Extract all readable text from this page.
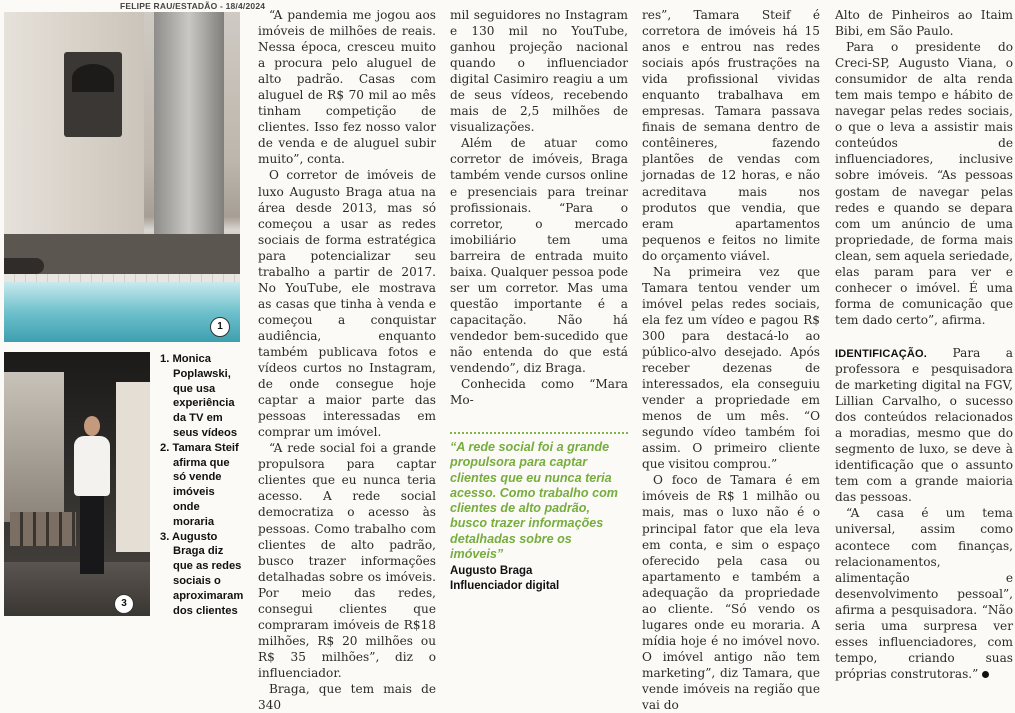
FELIPE RAU/ESTADÃO - 18/4/2024
1
3

1. Monica Poplawski, que usa experiência da TV em seus vídeos

2. Tamara Steif afirma que só vende imóveis onde moraria

3. Augusto Braga diz que as redes sociais o aproximaram dos clientes

“A pandemia me jogou aos imóveis de milhões de reais. Nessa época, cresceu muito a procura pelo aluguel de alto padrão. Casas com aluguel de R$ 70 mil ao mês tinham competição de clientes. Isso fez nosso valor de venda e de aluguel subir muito”, conta.

O corretor de imóveis de luxo Augusto Braga atua na área desde 2013, mas só começou a usar as redes sociais de forma estratégica para potencializar seu trabalho a partir de 2017. No YouTube, ele mostrava as casas que tinha à venda e começou a conquistar audiência, enquanto também publicava fotos e vídeos curtos no Instagram, de onde consegue hoje captar a maior parte das pessoas interessadas em comprar um imóvel.

“A rede social foi a grande propulsora para captar clientes que eu nunca teria acesso. A rede social democratiza o acesso às pessoas. Como trabalho com clientes de alto padrão, busco trazer informações detalhadas sobre os imóveis. Por meio das redes, consegui clientes que compraram imóveis de R$18 milhões, R$ 20 milhões ou R$ 35 milhões”, diz o influenciador.

Braga, que tem mais de 340

mil seguidores no Instagram e 130 mil no YouTube, ganhou projeção nacional quando o influenciador digital Casimiro reagiu a um de seus vídeos, recebendo mais de 2,5 milhões de visualizações.

Além de atuar como corretor de imóveis, Braga também vende cursos online e presenciais para treinar profissionais. “Para o corretor, o mercado imobiliário tem uma barreira de entrada muito baixa. Qualquer pessoa pode ser um corretor. Mas uma questão importante é a capacitação. Não há vendedor bem-sucedido que não entenda do que está vendendo”, diz Braga.

Conhecida como “Mara Mo-

“A rede social foi a grande propulsora para captar clientes que eu nunca teria acesso. Como trabalho com clientes de alto padrão, busco trazer informações detalhadas sobre os imóveis”

Augusto Braga

Influenciador digital

res”, Tamara Steif é corretora de imóveis há 15 anos e entrou nas redes sociais após frustrações na vida profissional vividas enquanto trabalhava em empresas. Tamara passava finais de semana dentro de contêineres, fazendo plantões de vendas com jornadas de 12 horas, e não acreditava mais nos produtos que vendia, que eram apartamentos pequenos e feitos no limite do orçamento viável.

Na primeira vez que Tamara tentou vender um imóvel pelas redes sociais, ela fez um vídeo e pagou R$ 300 para destacá-lo ao público-alvo desejado. Após receber dezenas de interessados, ela conseguiu vender a propriedade em menos de um mês. “O segundo vídeo também foi assim. O primeiro cliente que visitou comprou.”

O foco de Tamara é em imóveis de R$ 1 milhão ou mais, mas o luxo não é o principal fator que ela leva em conta, e sim o espaço oferecido pela casa ou apartamento e também a adequação da propriedade ao cliente. “Só vendo os lugares onde eu moraria. A mídia hoje é no imóvel novo. O imóvel antigo não tem marketing”, diz Tamara, que vende imóveis na região que vai do

Alto de Pinheiros ao Itaim Bibi, em São Paulo.

Para o presidente do Creci-SP, Augusto Viana, o consumidor de alta renda tem mais tempo e hábito de navegar pelas redes sociais, o que o leva a assistir mais conteúdos de influenciadores, inclusive sobre imóveis. “As pessoas gostam de navegar pelas redes e quando se depara com um anúncio de uma propriedade, de forma mais clean, sem aquela seriedade, elas param para ver e conhecer o imóvel. É uma forma de comunicação que tem dado certo”, afirma.

IDENTIFICAÇÃO. Para a professora e pesquisadora de marketing digital na FGV, Lillian Carvalho, o sucesso dos conteúdos relacionados a moradias, mesmo que do segmento de luxo, se deve à identificação que o assunto tem com a grande maioria das pessoas.

“A casa é um tema universal, assim como acontece com finanças, relacionamentos, alimentação e desenvolvimento pessoal”, afirma a pesquisadora. “Não seria uma surpresa ver esses influenciadores, com tempo, criando suas próprias construtoras.”
